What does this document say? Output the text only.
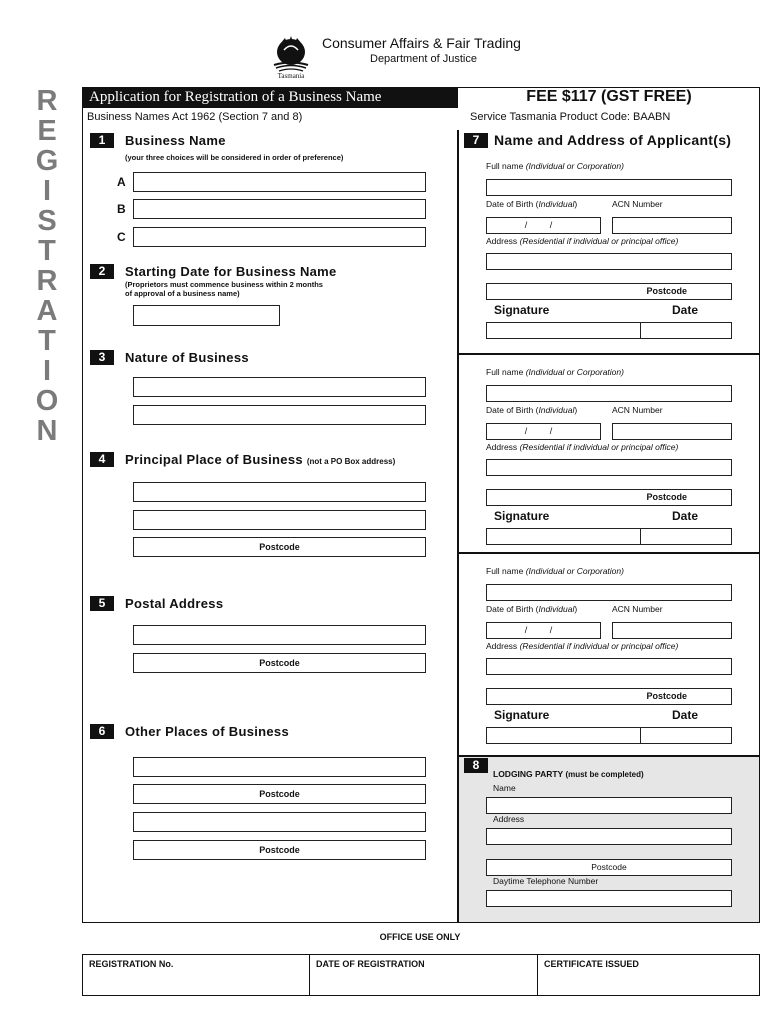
Tasmania
Consumer Affairs & Fair Trading
Department of Justice
R
E
G
I
S
T
R
A
T
I
O
N
Application for Registration of a Business Name	FEE $117 (GST FREE)
Business Names Act 1962 (Section 7 and 8)	Service Tasmania Product Code: BAABN
1	Business Name
(your three choices will be considered in order of preference)
A
B
C
2	Starting Date for Business Name
(Proprietors must commence business within 2 months
of approval of a business name)
3	Nature of Business
4	Principal Place of Business (not a PO Box address)
Postcode
5	Postal Address
Postcode
6	Other Places of Business
Postcode
Postcode
7	Name and Address of Applicant(s)
Full name (Individual or Corporation)
Date of Birth (Individual)	ACN Number
/ /
Address (Residential if individual or principal office)
Postcode
Signature	Date
Full name (Individual or Corporation)
Date of Birth (Individual)	ACN Number
/ /
Address (Residential if individual or principal office)
Postcode
Signature	Date
Full name (Individual or Corporation)
Date of Birth (Individual)	ACN Number
/ /
Address (Residential if individual or principal office)
Postcode
Signature	Date
8
LODGING PARTY (must be completed)
Name
Address
Postcode
Daytime Telephone Number
OFFICE USE ONLY
REGISTRATION No.	DATE OF REGISTRATION	CERTIFICATE ISSUED
